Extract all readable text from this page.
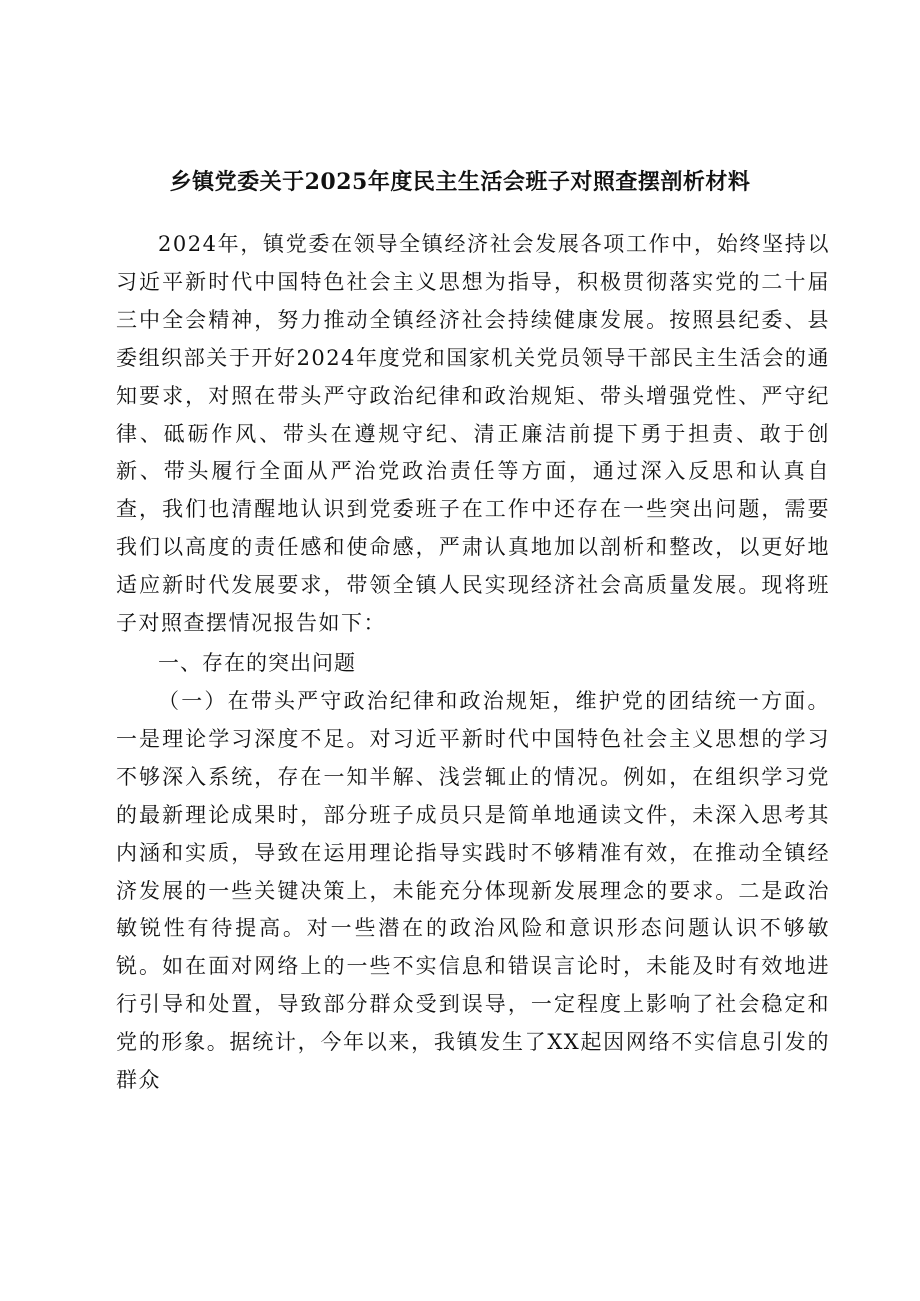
乡镇党委关于2025年度民主生活会班子对照查摆剖析材料

2024年，镇党委在领导全镇经济社会发展各项工作中，始终坚持以习近平新时代中国特色社会主义思想为指导，积极贯彻落实党的二十届三中全会精神，努力推动全镇经济社会持续健康发展。按照县纪委、县委组织部关于开好2024年度党和国家机关党员领导干部民主生活会的通知要求，对照在带头严守政治纪律和政治规矩、带头增强党性、严守纪律、砥砺作风、带头在遵规守纪、清正廉洁前提下勇于担责、敢于创新、带头履行全面从严治党政治责任等方面，通过深入反思和认真自查，我们也清醒地认识到党委班子在工作中还存在一些突出问题，需要我们以高度的责任感和使命感，严肃认真地加以剖析和整改，以更好地适应新时代发展要求，带领全镇人民实现经济社会高质量发展。现将班子对照查摆情况报告如下：

一、存在的突出问题

（一）在带头严守政治纪律和政治规矩，维护党的团结统一方面。一是理论学习深度不足。对习近平新时代中国特色社会主义思想的学习不够深入系统，存在一知半解、浅尝辄止的情况。例如，在组织学习党的最新理论成果时，部分班子成员只是简单地通读文件，未深入思考其内涵和实质，导致在运用理论指导实践时不够精准有效，在推动全镇经济发展的一些关键决策上，未能充分体现新发展理念的要求。二是政治敏锐性有待提高。对一些潜在的政治风险和意识形态问题认识不够敏锐。如在面对网络上的一些不实信息和错误言论时，未能及时有效地进行引导和处置，导致部分群众受到误导，一定程度上影响了社会稳定和党的形象。据统计，今年以来，我镇发生了XX起因网络不实信息引发的群众
